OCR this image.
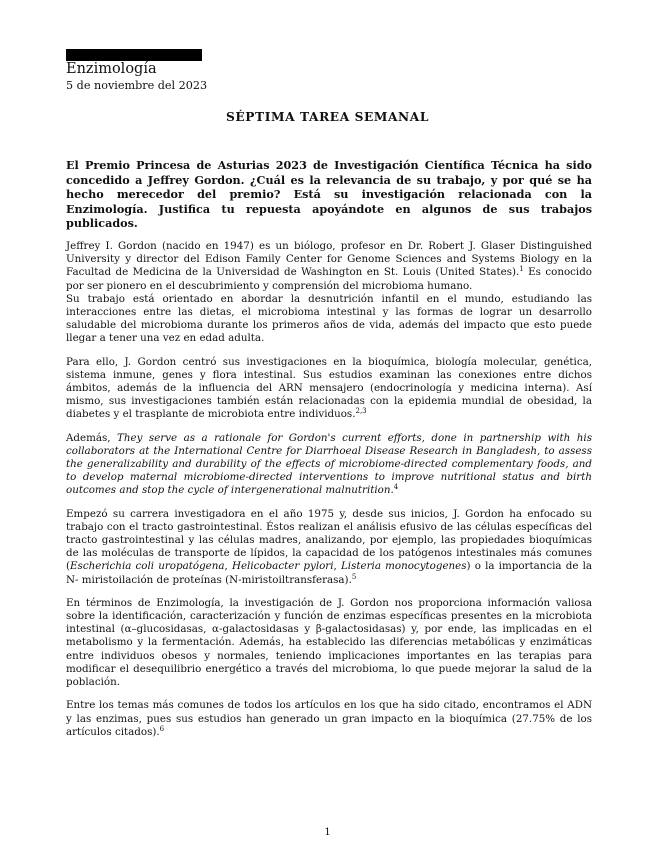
Enzimología
5 de noviembre del 2023
SÉPTIMA TAREA SEMANAL
El Premio Princesa de Asturias 2023 de Investigación Científica Técnica ha sido concedido a Jeffrey Gordon. ¿Cuál es la relevancia de su trabajo, y por qué se ha hecho merecedor del premio? Está su investigación relacionada con la Enzimología. Justifica tu repuesta apoyándote en algunos de sus trabajos publicados.

Jeffrey I. Gordon (nacido en 1947) es un biólogo, profesor en Dr. Robert J. Glaser Distinguished University y director del Edison Family Center for Genome Sciences and Systems Biology en la Facultad de Medicina de la Universidad de Washington en St. Louis (United States).$^1$ Es conocido por ser pionero en el descubrimiento y comprensión del microbioma humano.

Su trabajo está orientado en abordar la desnutrición infantil en el mundo, estudiando las interacciones entre las dietas, el microbioma intestinal y las formas de lograr un desarrollo saludable del microbioma durante los primeros años de vida, además del impacto que esto puede llegar a tener una vez en edad adulta.

Para ello, J. Gordon centró sus investigaciones en la bioquímica, biología molecular, genética, sistema inmune, genes y flora intestinal. Sus estudios examinan las conexiones entre dichos ámbitos, además de la influencia del ARN mensajero (endocrinología y medicina interna). Así mismo, sus investigaciones también están relacionadas con la epidemia mundial de obesidad, la diabetes y el trasplante de microbiota entre individuos.$^{2,3}$

Además, They serve as a rationale for Gordon's current efforts, done in partnership with his collaborators at the International Centre for Diarrhoeal Disease Research in Bangladesh, to assess the generalizability and durability of the effects of microbiome-directed complementary foods, and to develop maternal microbiome-directed interventions to improve nutritional status and birth outcomes and stop the cycle of intergenerational malnutrition.$^4$

Empezó su carrera investigadora en el año 1975 y, desde sus inicios, J. Gordon ha enfocado su trabajo con el tracto gastrointestinal. Éstos realizan el análisis efusivo de las células específicas del tracto gastrointestinal y las células madres, analizando, por ejemplo, las propiedades bioquímicas de las moléculas de transporte de lípidos, la capacidad de los patógenos intestinales más comunes (Escherichia coli uropatógena, Helicobacter pylori, Listeria monocytogenes) o la importancia de la N- miristoilación de proteínas (N-miristoiltransferasa).$^5$

En términos de Enzimología, la investigación de J. Gordon nos proporciona información valiosa sobre la identificación, caracterización y función de enzimas específicas presentes en la microbiota intestinal (α–glucosidasas, α-galactosidasas y β-galactosidasas) y, por ende, las implicadas en el metabolismo y la fermentación. Además, ha establecido las diferencias metabólicas y enzimáticas entre individuos obesos y normales, teniendo implicaciones importantes en las terapias para modificar el desequilibrio energético a través del microbioma, lo que puede mejorar la salud de la población.

Entre los temas más comunes de todos los artículos en los que ha sido citado, encontramos el ADN y las enzimas, pues sus estudios han generado un gran impacto en la bioquímica (27.75% de los artículos citados).$^6$

1
